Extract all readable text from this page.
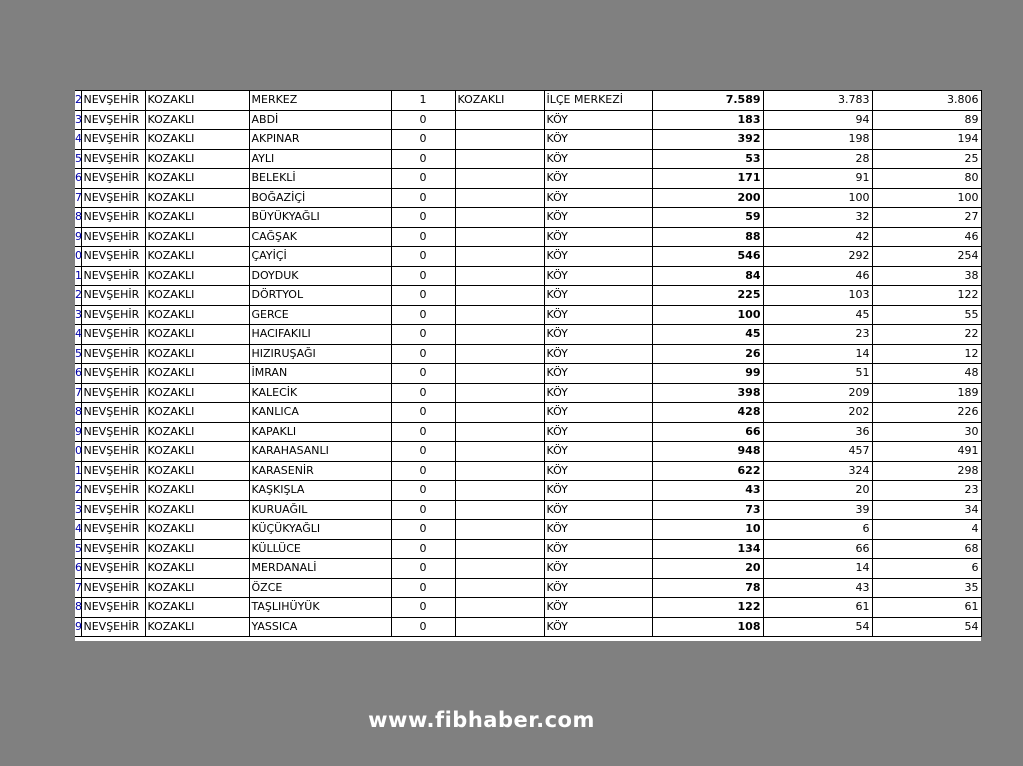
2	NEVŞEHİR	KOZAKLI	MERKEZ	1	KOZAKLI	İLÇE MERKEZİ	7.589	3.783	3.806
3	NEVŞEHİR	KOZAKLI	ABDİ	0		KÖY	183	94	89
4	NEVŞEHİR	KOZAKLI	AKPINAR	0		KÖY	392	198	194
5	NEVŞEHİR	KOZAKLI	AYLI	0		KÖY	53	28	25
6	NEVŞEHİR	KOZAKLI	BELEKLİ	0		KÖY	171	91	80
7	NEVŞEHİR	KOZAKLI	BOĞAZİÇİ	0		KÖY	200	100	100
8	NEVŞEHİR	KOZAKLI	BÜYÜKYAĞLI	0		KÖY	59	32	27
9	NEVŞEHİR	KOZAKLI	CAĞŞAK	0		KÖY	88	42	46
0	NEVŞEHİR	KOZAKLI	ÇAYİÇİ	0		KÖY	546	292	254
1	NEVŞEHİR	KOZAKLI	DOYDUK	0		KÖY	84	46	38
2	NEVŞEHİR	KOZAKLI	DÖRTYOL	0		KÖY	225	103	122
3	NEVŞEHİR	KOZAKLI	GERCE	0		KÖY	100	45	55
4	NEVŞEHİR	KOZAKLI	HACIFAKILI	0		KÖY	45	23	22
5	NEVŞEHİR	KOZAKLI	HIZIRUŞAĞI	0		KÖY	26	14	12
6	NEVŞEHİR	KOZAKLI	İMRAN	0		KÖY	99	51	48
7	NEVŞEHİR	KOZAKLI	KALECİK	0		KÖY	398	209	189
8	NEVŞEHİR	KOZAKLI	KANLICA	0		KÖY	428	202	226
9	NEVŞEHİR	KOZAKLI	KAPAKLI	0		KÖY	66	36	30
0	NEVŞEHİR	KOZAKLI	KARAHASANLI	0		KÖY	948	457	491
1	NEVŞEHİR	KOZAKLI	KARASENİR	0		KÖY	622	324	298
2	NEVŞEHİR	KOZAKLI	KAŞKIŞLA	0		KÖY	43	20	23
3	NEVŞEHİR	KOZAKLI	KURUAĞIL	0		KÖY	73	39	34
4	NEVŞEHİR	KOZAKLI	KÜÇÜKYAĞLI	0		KÖY	10	6	4
5	NEVŞEHİR	KOZAKLI	KÜLLÜCE	0		KÖY	134	66	68
6	NEVŞEHİR	KOZAKLI	MERDANALİ	0		KÖY	20	14	6
7	NEVŞEHİR	KOZAKLI	ÖZCE	0		KÖY	78	43	35
8	NEVŞEHİR	KOZAKLI	TAŞLIHÜYÜK	0		KÖY	122	61	61
9	NEVŞEHİR	KOZAKLI	YASSICA	0		KÖY	108	54	54
www.fibhaber.com
